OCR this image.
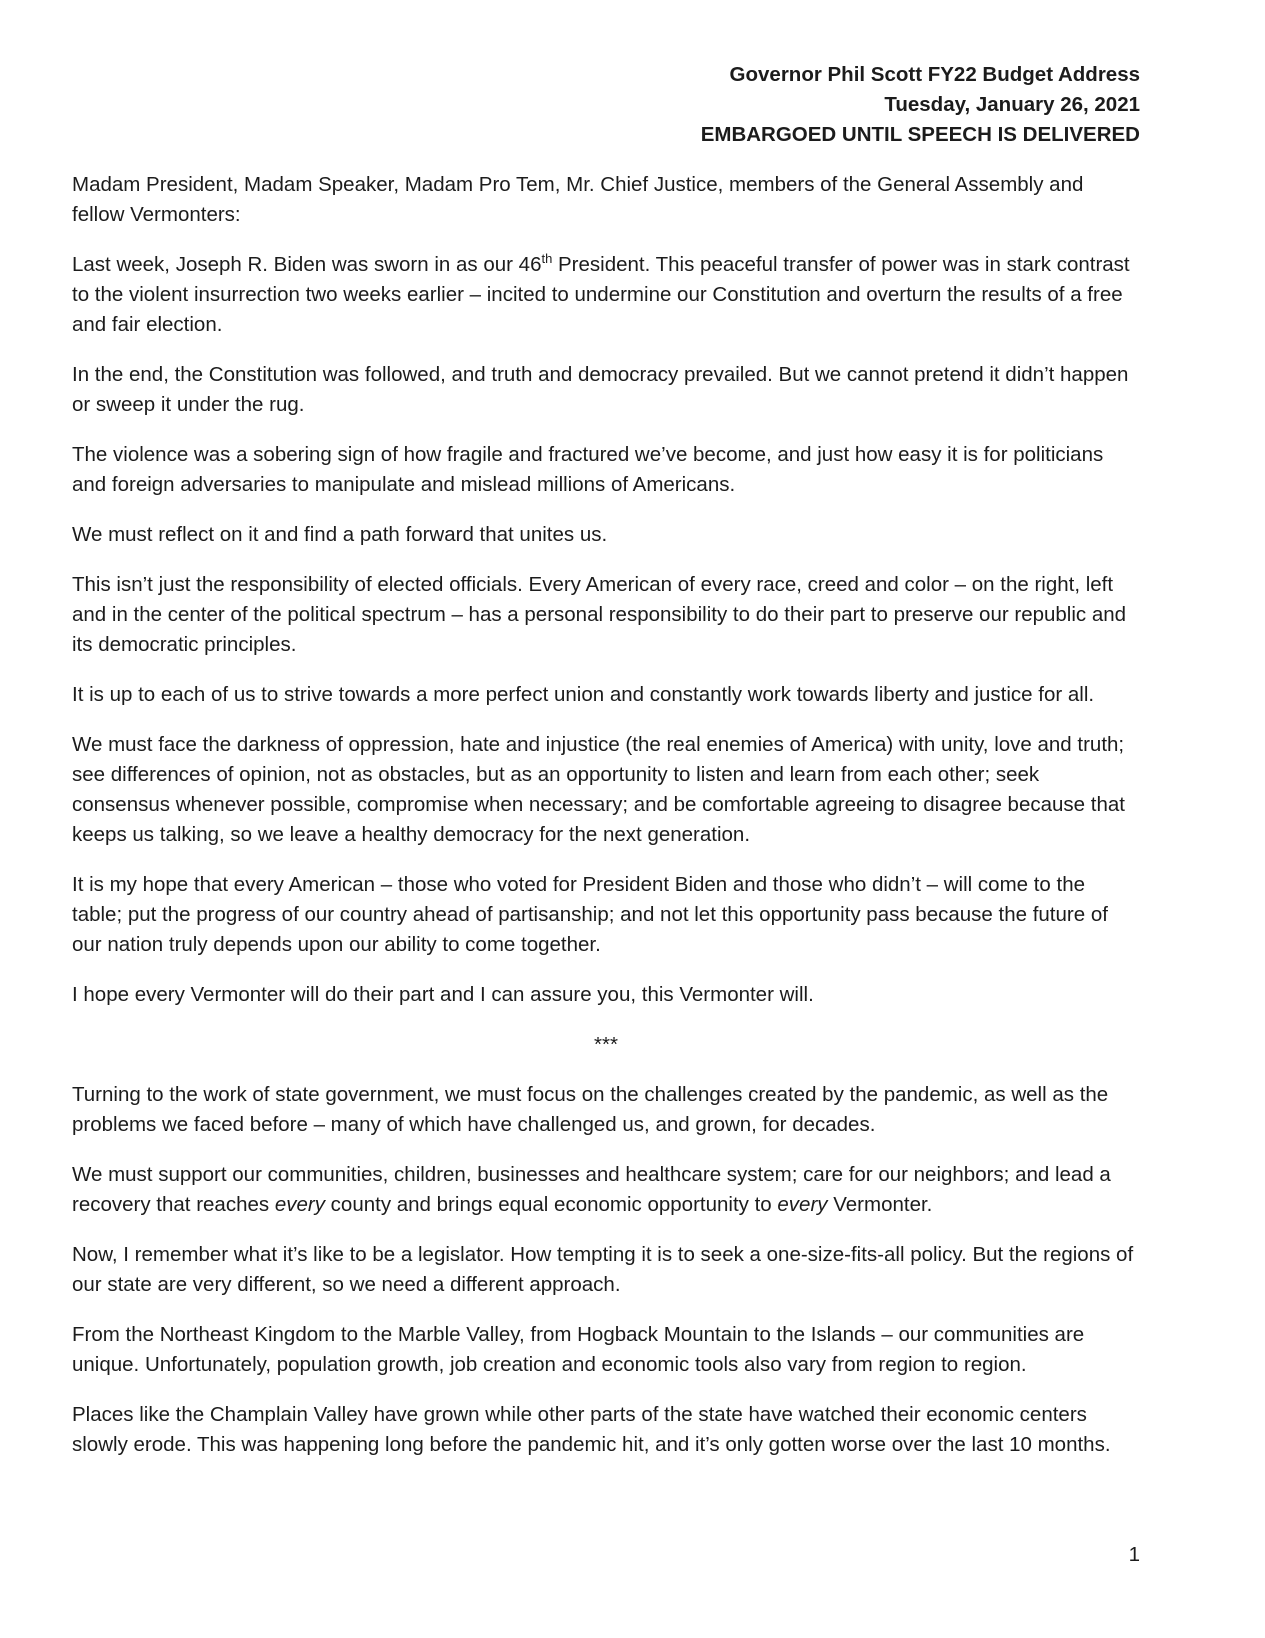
Governor Phil Scott FY22 Budget Address
Tuesday, January 26, 2021
EMBARGOED UNTIL SPEECH IS DELIVERED

Madam President, Madam Speaker, Madam Pro Tem, Mr. Chief Justice, members of the General Assembly and fellow Vermonters:

Last week, Joseph R. Biden was sworn in as our 46th President. This peaceful transfer of power was in stark contrast to the violent insurrection two weeks earlier – incited to undermine our Constitution and overturn the results of a free and fair election.

In the end, the Constitution was followed, and truth and democracy prevailed. But we cannot pretend it didn’t happen or sweep it under the rug.

The violence was a sobering sign of how fragile and fractured we’ve become, and just how easy it is for politicians and foreign adversaries to manipulate and mislead millions of Americans.

We must reflect on it and find a path forward that unites us.

This isn’t just the responsibility of elected officials. Every American of every race, creed and color – on the right, left and in the center of the political spectrum – has a personal responsibility to do their part to preserve our republic and its democratic principles.

It is up to each of us to strive towards a more perfect union and constantly work towards liberty and justice for all.

We must face the darkness of oppression, hate and injustice (the real enemies of America) with unity, love and truth; see differences of opinion, not as obstacles, but as an opportunity to listen and learn from each other; seek consensus whenever possible, compromise when necessary; and be comfortable agreeing to disagree because that keeps us talking, so we leave a healthy democracy for the next generation.

It is my hope that every American – those who voted for President Biden and those who didn’t – will come to the table; put the progress of our country ahead of partisanship; and not let this opportunity pass because the future of our nation truly depends upon our ability to come together.

I hope every Vermonter will do their part and I can assure you, this Vermonter will.

***

Turning to the work of state government, we must focus on the challenges created by the pandemic, as well as the problems we faced before – many of which have challenged us, and grown, for decades.

We must support our communities, children, businesses and healthcare system; care for our neighbors; and lead a recovery that reaches every county and brings equal economic opportunity to every Vermonter.

Now, I remember what it’s like to be a legislator. How tempting it is to seek a one-size-fits-all policy. But the regions of our state are very different, so we need a different approach.

From the Northeast Kingdom to the Marble Valley, from Hogback Mountain to the Islands – our communities are unique. Unfortunately, population growth, job creation and economic tools also vary from region to region.

Places like the Champlain Valley have grown while other parts of the state have watched their economic centers slowly erode. This was happening long before the pandemic hit, and it’s only gotten worse over the last 10 months.

1
